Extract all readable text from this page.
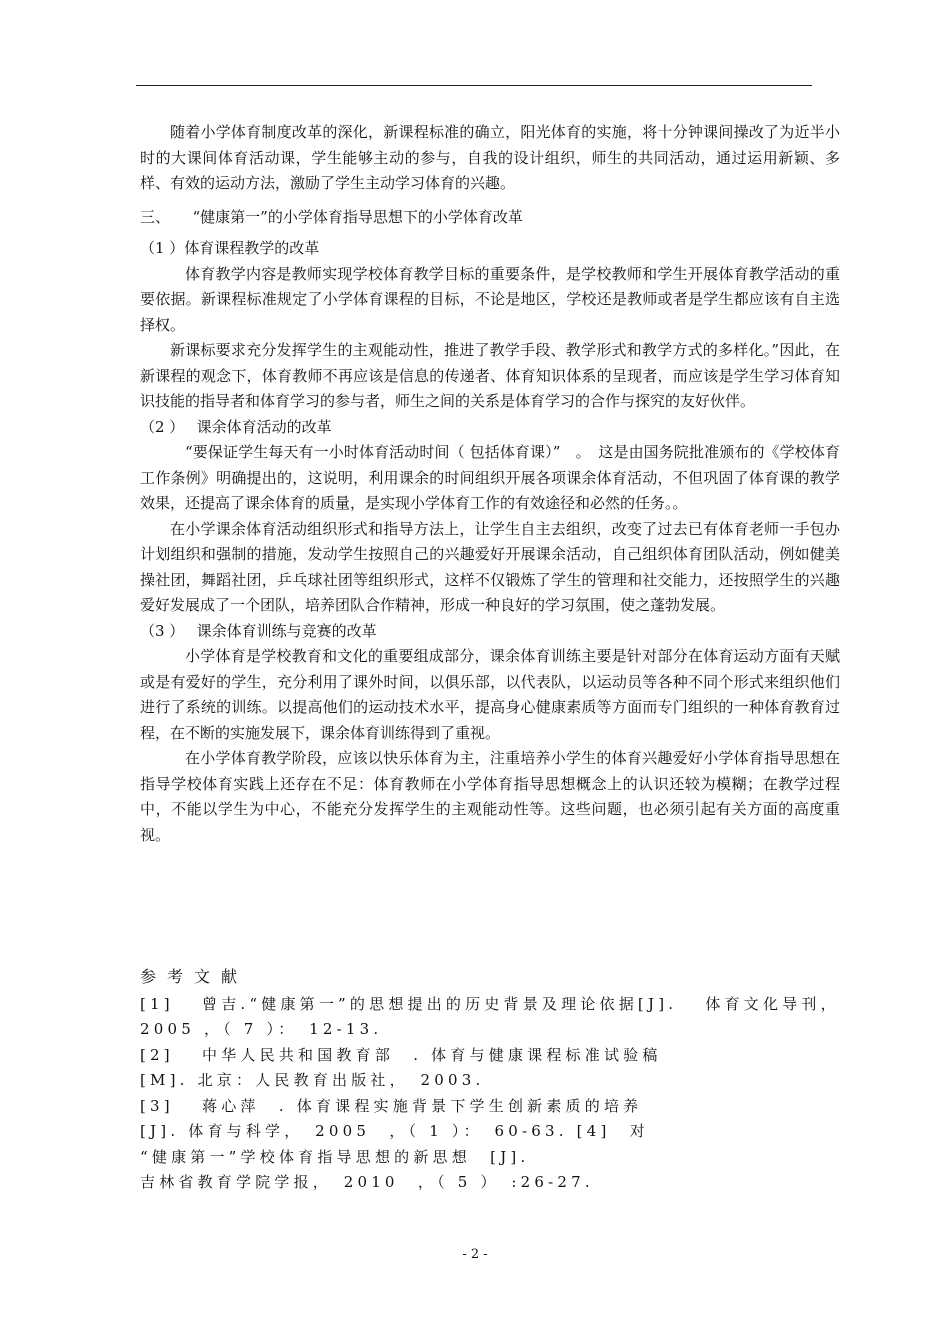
随着小学体育制度改革的深化，新课程标准的确立，阳光体育的实施，将十分钟课间操改了为近半小时的大课间体育活动课，学生能够主动的参与，自我的设计组织，师生的共同活动，通过运用新颖、多样、有效的运动方法，激励了学生主动学习体育的兴趣。

三、　　“健康第一”的小学体育指导思想下的小学体育改革

（1 ）体育课程教学的改革

体育教学内容是教师实现学校体育教学目标的重要条件，是学校教师和学生开展体育教学活动的重要依据。新课程标准规定了小学体育课程的目标，不论是地区，学校还是教师或者是学生都应该有自主选择权。

新课标要求充分发挥学生的主观能动性，推进了教学手段、教学形式和教学方式的多样化。”因此，在新课程的观念下，体育教师不再应该是信息的传递者、体育知识体系的呈现者，而应该是学生学习体育知识技能的指导者和体育学习的参与者，师生之间的关系是体育学习的合作与探究的友好伙伴。

（2 ）　 课余体育活动的改革

“要保证学生每天有一小时体育活动时间（ 包括体育课）”　。　这是由国务院批准颁布的《学校体育工作条例》明确提出的，这说明，利用课余的时间组织开展各项课余体育活动，不但巩固了体育课的教学效果，还提高了课余体育的质量，是实现小学体育工作的有效途径和必然的任务。。

在小学课余体育活动组织形式和指导方法上，让学生自主去组织，改变了过去已有体育老师一手包办计划组织和强制的措施，发动学生按照自己的兴趣爱好开展课余活动，自己组织体育团队活动，例如健美操社团，舞蹈社团，乒乓球社团等组织形式，这样不仅锻炼了学生的管理和社交能力，还按照学生的兴趣爱好发展成了一个团队，培养团队合作精神，形成一种良好的学习氛围，使之蓬勃发展。

（3 ）　 课余体育训练与竞赛的改革

小学体育是学校教育和文化的重要组成部分，课余体育训练主要是针对部分在体育运动方面有天赋或是有爱好的学生，充分利用了课外时间，以俱乐部，以代表队，以运动员等各种不同个形式来组织他们进行了系统的训练。以提高他们的运动技术水平，提高身心健康素质等方面而专门组织的一种体育教育过程，在不断的实施发展下，课余体育训练得到了重视。

在小学体育教学阶段，应该以快乐体育为主，注重培养小学生的体育兴趣爱好小学体育指导思想在指导学校体育实践上还存在不足：体育教师在小学体育指导思想概念上的认识还较为模糊；在教学过程中，不能以学生为中心，不能充分发挥学生的主观能动性等。这些问题，也必须引起有关方面的高度重视。

参考文献

[1]　 曾吉.“健康第一”的思想提出的历史背景及理论依据[J].　 体育文化导刊，

2005 ，（ 7 ）：　12-13.

[2]　 中华人民共和国教育部　. 体育与健康课程标准试验稿

[M]. 北京：人民教育出版社，　2003.

[3]　 蒋心萍　. 体育课程实施背景下学生创新素质的培养

[J]. 体育与科学，　2005　，（ 1 ）：　60-63. [4]　对

“健康第一”学校体育指导思想的新思想　[J].

吉林省教育学院学报，　2010　，（ 5 ）　:26-27.

- 2 -
